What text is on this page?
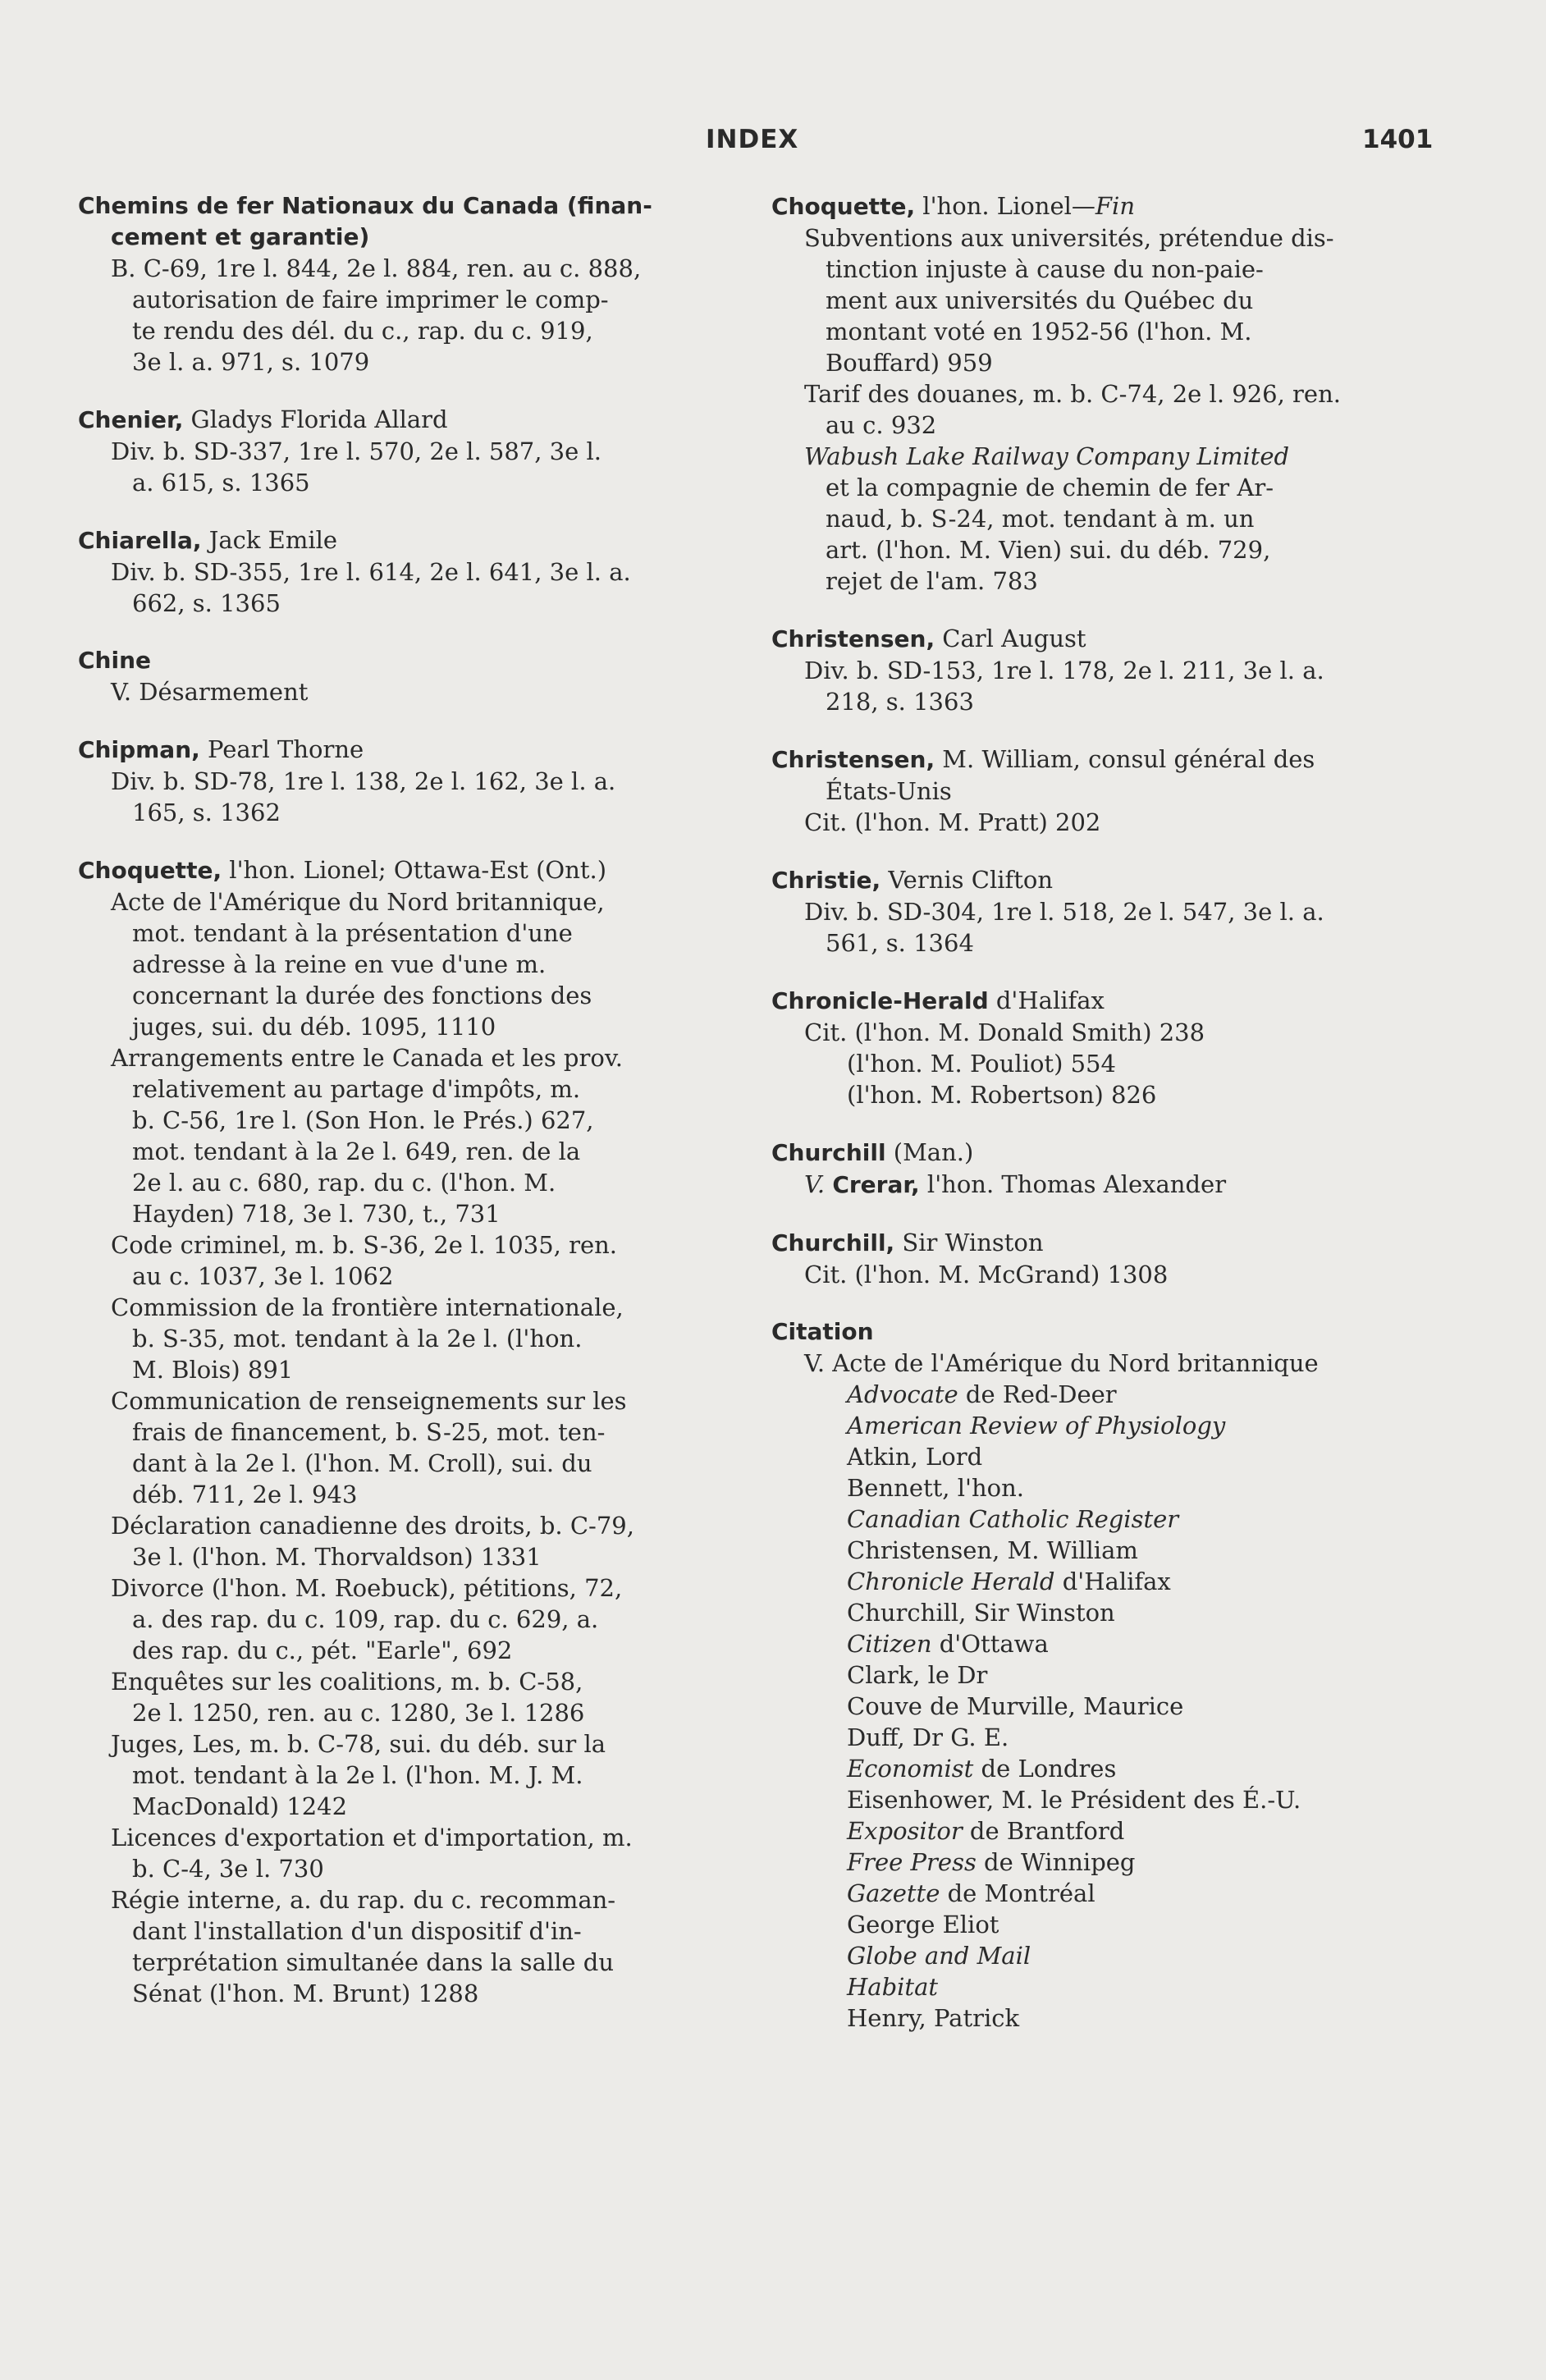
INDEX	1401
Chemins de fer Nationaux du Canada (finan-
cement et garantie)
B. C-69, 1re l. 844, 2e l. 884, ren. au c. 888,
autorisation de faire imprimer le comp-
te rendu des dél. du c., rap. du c. 919,
3e l. a. 971, s. 1079
Chenier, Gladys Florida Allard
Div. b. SD-337, 1re l. 570, 2e l. 587, 3e l.
a. 615, s. 1365
Chiarella, Jack Emile
Div. b. SD-355, 1re l. 614, 2e l. 641, 3e l. a.
662, s. 1365
Chine
V. Désarmement
Chipman, Pearl Thorne
Div. b. SD-78, 1re l. 138, 2e l. 162, 3e l. a.
165, s. 1362
Choquette, l'hon. Lionel; Ottawa-Est (Ont.)
Acte de l'Amérique du Nord britannique,
mot. tendant à la présentation d'une
adresse à la reine en vue d'une m.
concernant la durée des fonctions des
juges, sui. du déb. 1095, 1110
Arrangements entre le Canada et les prov.
relativement au partage d'impôts, m.
b. C-56, 1re l. (Son Hon. le Prés.) 627,
mot. tendant à la 2e l. 649, ren. de la
2e l. au c. 680, rap. du c. (l'hon. M.
Hayden) 718, 3e l. 730, t., 731
Code criminel, m. b. S-36, 2e l. 1035, ren.
au c. 1037, 3e l. 1062
Commission de la frontière internationale,
b. S-35, mot. tendant à la 2e l. (l'hon.
M. Blois) 891
Communication de renseignements sur les
frais de financement, b. S-25, mot. ten-
dant à la 2e l. (l'hon. M. Croll), sui. du
déb. 711, 2e l. 943
Déclaration canadienne des droits, b. C-79,
3e l. (l'hon. M. Thorvaldson) 1331
Divorce (l'hon. M. Roebuck), pétitions, 72,
a. des rap. du c. 109, rap. du c. 629, a.
des rap. du c., pét. "Earle", 692
Enquêtes sur les coalitions, m. b. C-58,
2e l. 1250, ren. au c. 1280, 3e l. 1286
Juges, Les, m. b. C-78, sui. du déb. sur la
mot. tendant à la 2e l. (l'hon. M. J. M.
MacDonald) 1242
Licences d'exportation et d'importation, m.
b. C-4, 3e l. 730
Régie interne, a. du rap. du c. recomman-
dant l'installation d'un dispositif d'in-
terprétation simultanée dans la salle du
Sénat (l'hon. M. Brunt) 1288
Choquette, l'hon. Lionel—Fin
Subventions aux universités, prétendue dis-
tinction injuste à cause du non-paie-
ment aux universités du Québec du
montant voté en 1952-56 (l'hon. M.
Bouffard) 959
Tarif des douanes, m. b. C-74, 2e l. 926, ren.
au c. 932
Wabush Lake Railway Company Limited
et la compagnie de chemin de fer Ar-
naud, b. S-24, mot. tendant à m. un
art. (l'hon. M. Vien) sui. du déb. 729,
rejet de l'am. 783
Christensen, Carl August
Div. b. SD-153, 1re l. 178, 2e l. 211, 3e l. a.
218, s. 1363
Christensen, M. William, consul général des
États-Unis
Cit. (l'hon. M. Pratt) 202
Christie, Vernis Clifton
Div. b. SD-304, 1re l. 518, 2e l. 547, 3e l. a.
561, s. 1364
Chronicle-Herald d'Halifax
Cit. (l'hon. M. Donald Smith) 238
(l'hon. M. Pouliot) 554
(l'hon. M. Robertson) 826
Churchill (Man.)
V. Crerar, l'hon. Thomas Alexander
Churchill, Sir Winston
Cit. (l'hon. M. McGrand) 1308
Citation
V. Acte de l'Amérique du Nord britannique
Advocate de Red-Deer
American Review of Physiology
Atkin, Lord
Bennett, l'hon.
Canadian Catholic Register
Christensen, M. William
Chronicle Herald d'Halifax
Churchill, Sir Winston
Citizen d'Ottawa
Clark, le Dr
Couve de Murville, Maurice
Duff, Dr G. E.
Economist de Londres
Eisenhower, M. le Président des É.-U.
Expositor de Brantford
Free Press de Winnipeg
Gazette de Montréal
George Eliot
Globe and Mail
Habitat
Henry, Patrick
